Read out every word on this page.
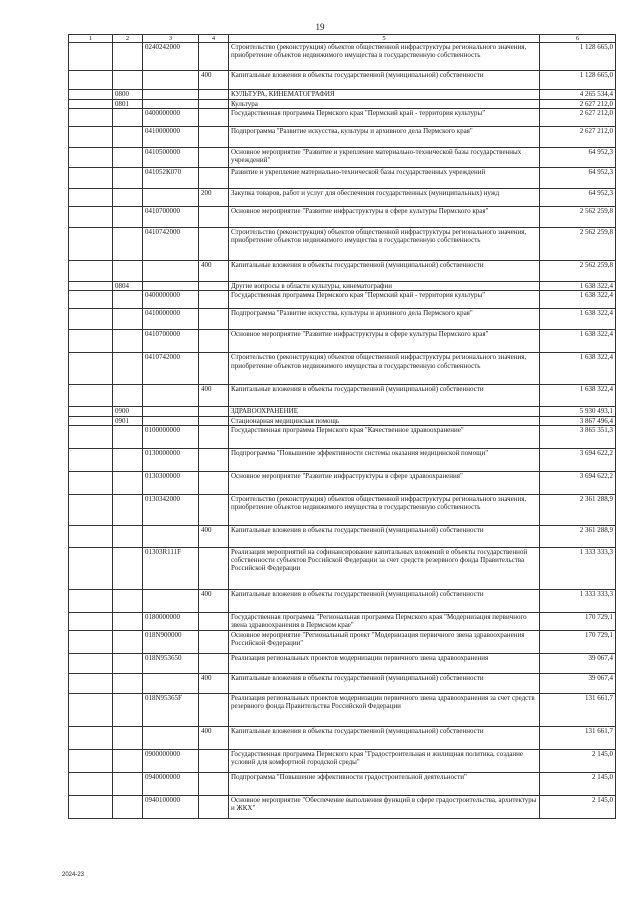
19
1	2	3	4	5	6
		0240242000		Строительство (реконструкция) объектов общественной инфраструктуры регионального значения, приобретение объектов недвижимого имущества в государственную собственность	1 128 665,0
			400	Капитальные вложения в объекты государственной (муниципальной) собственности	1 128 665,0
	0800			КУЛЬТУРА, КИНЕМАТОГРАФИЯ	4 265 534,4
	0801			Культура	2 627 212,0
		0400000000		Государственная программа Пермского края "Пермский край - территория культуры"	2 627 212,0
		0410000000		Подпрограмма "Развитие искусства, культуры и архивного дела Пермского края"	2 627 212,0
		0410500000		Основное мероприятие "Развитие и укрепление материально-технической базы государственных учреждений"	64 952,3
		041052К070		Развитие и укрепление материально-технической базы государственных учреждений	64 952,3
			200	Закупка товаров, работ и услуг для обеспечения государственных (муниципальных) нужд	64 952,3
		0410700000		Основное мероприятие "Развитие инфраструктуры в сфере культуры Пермского края"	2 562 259,8
		0410742000		Строительство (реконструкция) объектов общественной инфраструктуры регионального значения, приобретение объектов недвижимого имущества в государственную собственность	2 562 259,8
			400	Капитальные вложения в объекты государственной (муниципальной) собственности	2 562 259,8
	0804			Другие вопросы в области культуры, кинематографии	1 638 322,4
		0400000000		Государственная программа Пермского края "Пермский край - территория культуры"	1 638 322,4
		0410000000		Подпрограмма "Развитие искусства, культуры и архивного дела Пермского края"	1 638 322,4
		0410700000		Основное мероприятие "Развитие инфраструктуры в сфере культуры Пермского края"	1 638 322,4
		0410742000		Строительство (реконструкция) объектов общественной инфраструктуры регионального значения, приобретение объектов недвижимого имущества в государственную собственность	1 638 322,4
			400	Капитальные вложения в объекты государственной (муниципальной) собственности	1 638 322,4
	0900			ЗДРАВООХРАНЕНИЕ	5 930 493,1
	0901			Стационарная медицинская помощь	3 867 496,4
		0100000000		Государственная программа Пермского края "Качественное здравоохранение"	3 865 351,3
		0130000000		Подпрограмма "Повышение эффективности системы оказания медицинской помощи"	3 694 622,2
		0130300000		Основное мероприятие "Развитие инфраструктуры в сфере здравоохранения"	3 694 622,2
		0130342000		Строительство (реконструкция) объектов общественной инфраструктуры регионального значения, приобретение объектов недвижимого имущества в государственную собственность	2 361 288,9
			400	Капитальные вложения в объекты государственной (муниципальной) собственности	2 361 288,9
		01303R111F		Реализация мероприятий на софинансирование капитальных вложений в объекты государственной собственности субъектов Российской Федерации за счет средств резервного фонда Правительства Российской Федерации	1 333 333,3
			400	Капитальные вложения в объекты государственной (муниципальной) собственности	1 333 333,3
		0180000000		Государственная программа "Региональная программа Пермского края "Модернизация первичного звена здравоохранения в Пермском крае"	170 729,1
		018N900000		Основное мероприятие "Региональный проект "Модернизация первичного звена здравоохранения Российской Федерации"	170 729,1
		018N953650		Реализация региональных проектов модернизации первичного звена здравоохранения	39 067,4
			400	Капитальные вложения в объекты государственной (муниципальной) собственности	39 067,4
		018N95365F		Реализация региональных проектов модернизации первичного звена здравоохранения за счет средств резервного фонда Правительства Российской Федерации	131 661,7
			400	Капитальные вложения в объекты государственной (муниципальной) собственности	131 661,7
		0900000000		Государственная программа Пермского края "Градостроительная и жилищная политика, создание условий для комфортной городской среды"	2 145,0
		0940000000		Подпрограмма "Повышение эффективности градостроительной деятельности"	2 145,0
		0940100000		Основное мероприятие "Обеспечение выполнения функций в сфере градостроительства, архитектуры и ЖКХ"	2 145,0
2024-23
